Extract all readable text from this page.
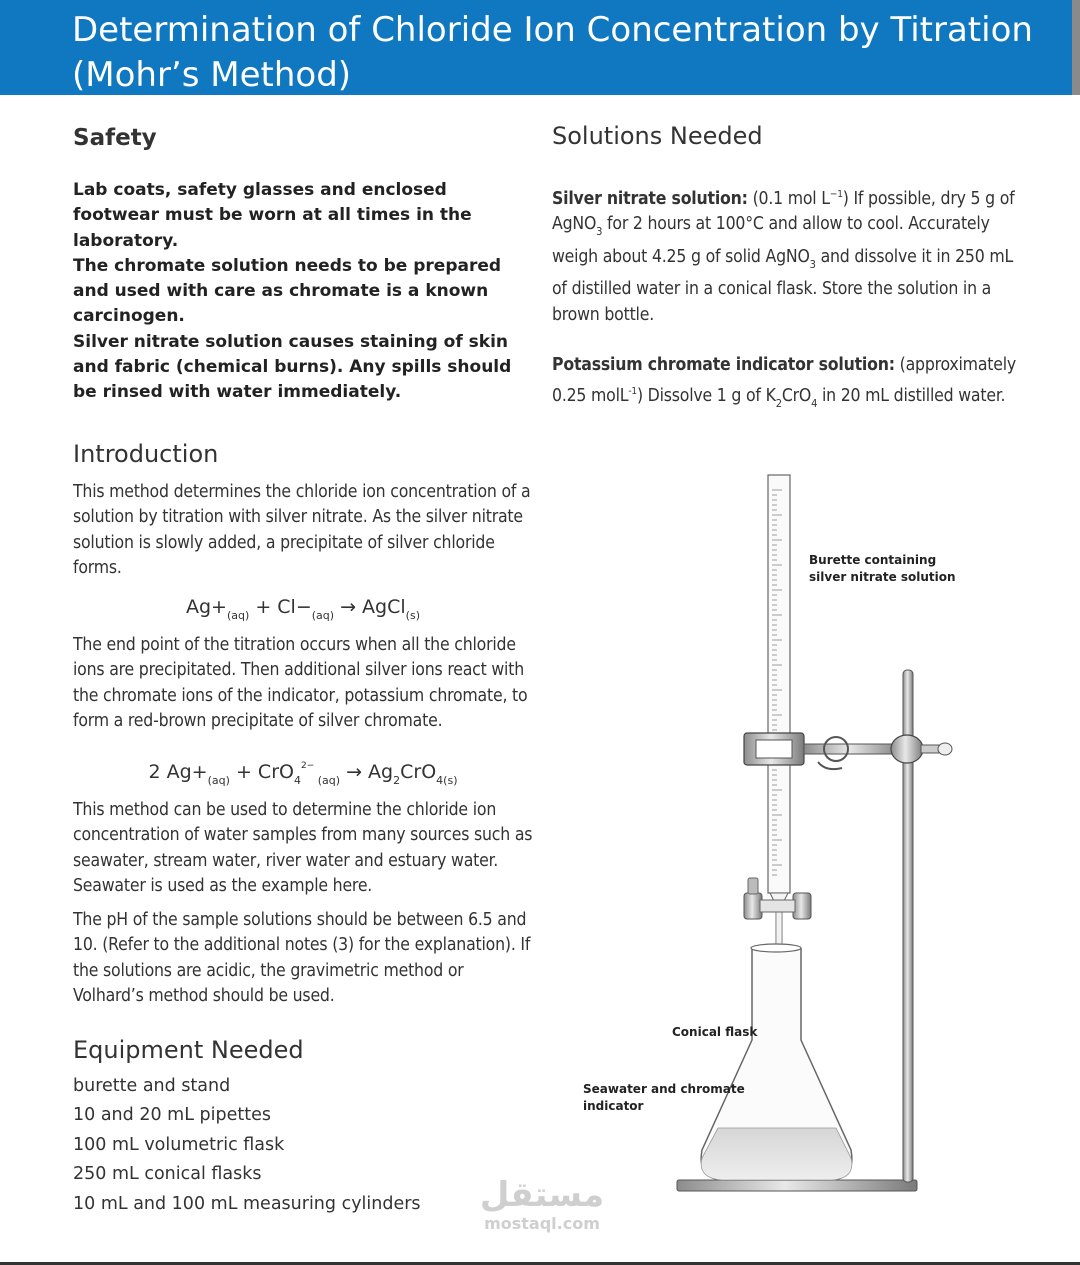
Determination of Chloride Ion Concentration by Titration
(Mohr’s Method)
Safety

Lab coats, safety glasses and enclosed footwear must be worn at all times in the laboratory.

The chromate solution needs to be prepared and used with care as chromate is a known carcinogen.

Silver nitrate solution causes staining of skin and fabric (chemical burns). Any spills should be rinsed with water immediately.

Introduction

This method determines the chloride ion concentration of a solution by titration with silver nitrate. As the silver nitrate solution is slowly added, a precipitate of silver chloride forms.

$Ag+_{(aq)} + Cl-_{(aq)}$ → AgCl$_{(s)}$

The end point of the titration occurs when all the chloride ions are precipitated. Then additional silver ions react with the chromate ions of the indicator, potassium chromate, to form a red-brown precipitate of silver chromate.

2 $Ag+_{(aq)} + CrO_4^{2-}$ $_{(aq)} \to Ag_2CrO_{4(s)}$

This method can be used to determine the chloride ion concentration of water samples from many sources such as seawater, stream water, river water and estuary water. Seawater is used as the example here.

The pH of the sample solutions should be between 6.5 and 10. (Refer to the additional notes (3) for the explanation). If the solutions are acidic, the gravimetric method or Volhard’s method should be used.

Equipment Needed
burette and stand
10 and 20 mL pipettes
100 mL volumetric flask
250 mL conical flasks
10 mL and 100 mL measuring cylinders
Solutions Needed

Silver nitrate solution: (0.1 mol $L^{-1}$) If possible, dry 5 g of AgNO$_3$ for 2 hours at 100°C and allow to cool. Accurately weigh about 4.25 g of solid AgNO$_3$ and dissolve it in 250 mL of distilled water in a conical flask. Store the solution in a brown bottle.

Potassium chromate indicator solution: (approximately 0.25 molL$^{-1}$) Dissolve 1 g of $K_2CrO_4$ in 20 mL distilled water.

Burette containing
silver nitrate solution
Conical flask
Seawater and chromate
indicator
مستقل
mostaql.com
